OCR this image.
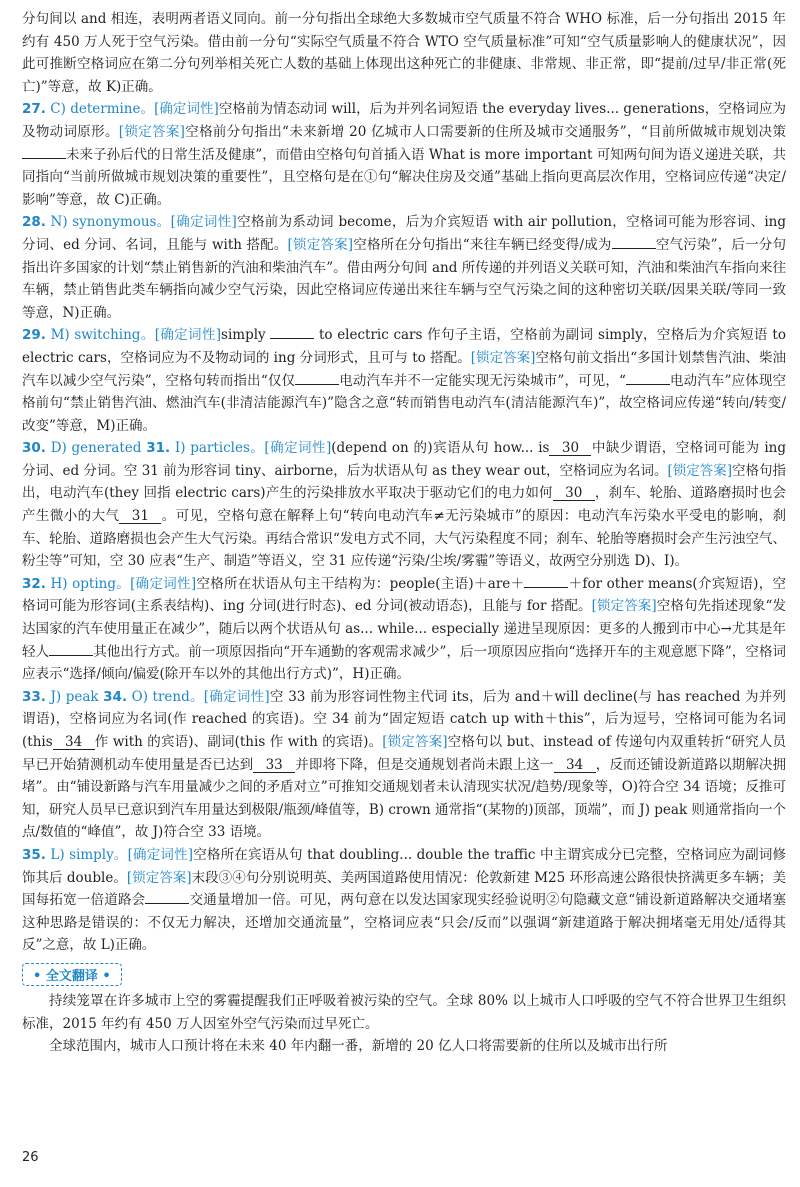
分句间以 and 相连，表明两者语义同向。前一分句指出全球绝大多数城市空气质量不符合 WHO 标准，后一分句指出 2015 年约有 450 万人死于空气污染。借由前一分句“实际空气质量不符合 WTO 空气质量标准”可知“空气质量影响人的健康状况”，因此可推断空格词应在第二分句列举相关死亡人数的基础上体现出这种死亡的非健康、非常规、非正常，即“提前/过早/非正常(死亡)”等意，故 K)正确。

27. C) determine。[确定词性]空格前为情态动词 will，后为并列名词短语 the everyday lives... generations，空格词应为及物动词原形。[锁定答案]空格前分句指出“未来新增 20 亿城市人口需要新的住所及城市交通服务”，“目前所做城市规划决策未来子孙后代的日常生活及健康”，而借由空格句句首插入语 What is more important 可知两句间为语义递进关联，共同指向“当前所做城市规划决策的重要性”，且空格句是在①句“解决住房及交通”基础上指向更高层次作用，空格词应传递“决定/影响”等意，故 C)正确。

28. N) synonymous。[确定词性]空格前为系动词 become，后为介宾短语 with air pollution，空格词可能为形容词、ing 分词、ed 分词、名词，且能与 with 搭配。[锁定答案]空格所在分句指出“来往车辆已经变得/成为	空气污染”，后一分句指出许多国家的计划“禁止销售新的汽油和柴油汽车”。借由两分句间 and 所传递的并列语义关联可知，汽油和柴油汽车指向来往车辆，禁止销售此类车辆指向减少空气污染，因此空格词应传递出来往车辆与空气污染之间的这种密切关联/因果关联/等同一致等意，N)正确。

29. M) switching。[确定词性]simply	to electric cars 作句子主语，空格前为副词 simply，空格后为介宾短语 to electric cars，空格词应为不及物动词的 ing 分词形式，且可与 to 搭配。[锁定答案]空格句前文指出“多国计划禁售汽油、柴油汽车以减少空气污染”，空格句转而指出“仅仅	电动汽车并不一定能实现无污染城市”，可见，“	电动汽车”应体现空格前句“禁止销售汽油、燃油汽车(非清洁能源汽车)”隐含之意“转而销售电动汽车(清洁能源汽车)”，故空格词应传递“转向/转变/改变”等意，M)正确。

30. D) generated 31. I) particles。[确定词性](depend on 的)宾语从句 how... is 30 中缺少谓语，空格词可能为 ing 分词、ed 分词。空 31 前为形容词 tiny、airborne，后为状语从句 as they wear out，空格词应为名词。[锁定答案]空格句指出，电动汽车(they 回指 electric cars)产生的污染排放水平取决于驱动它们的电力如何 30 ，刹车、轮胎、道路磨损时也会产生微小的大气 31 。可见，空格句意在解释上句“转向电动汽车≠无污染城市”的原因：电动汽车污染水平受电的影响，刹车、轮胎、道路磨损也会产生大气污染。再结合常识“发电方式不同，大气污染程度不同；刹车、轮胎等磨损时会产生污浊空气、粉尘等”可知，空 30 应表“生产、制造”等语义，空 31 应传递“污染/尘埃/雾霾”等语义，故两空分别选 D)、I)。

32. H) opting。[确定词性]空格所在状语从句主干结构为：people(主语)＋are＋	＋for other means(介宾短语)，空格词可能为形容词(主系表结构)、ing 分词(进行时态)、ed 分词(被动语态)，且能与 for 搭配。[锁定答案]空格句先指述现象“发达国家的汽车使用量正在减少”，随后以两个状语从句 as... while... especially 递进呈现原因：更多的人搬到市中心→尤其是年轻人	其他出行方式。前一项原因指向“开车通勤的客观需求减少”，后一项原因应指向“选择开车的主观意愿下降”，空格词应表示“选择/倾向/偏爱(除开车以外的其他出行方式)”，H)正确。

33. J) peak 34. O) trend。[确定词性]空 33 前为形容词性物主代词 its，后为 and＋will decline(与 has reached 为并列谓语)，空格词应为名词(作 reached 的宾语)。空 34 前为“固定短语 catch up with＋this”，后为逗号，空格词可能为名词(this 34 作 with 的宾语)、副词(this 作 with 的宾语)。[锁定答案]空格句以 but、instead of 传递句内双重转折“研究人员早已开始猜测机动车使用量是否已达到 33 并即将下降，但是交通规划者尚未跟上这一 34 ，反而还铺设新道路以期解决拥堵”。由“铺设新路与汽车用量减少之间的矛盾对立”可推知交通规划者未认清现实状况/趋势/现象等，O)符合空 34 语境；反推可知，研究人员早已意识到汽车用量达到极限/瓶颈/峰值等，B) crown 通常指“(某物的)顶部，顶端”，而 J) peak 则通常指向一个点/数值的“峰值”，故 J)符合空 33 语境。

35. L) simply。[确定词性]空格所在宾语从句 that doubling... double the traffic 中主谓宾成分已完整，空格词应为副词修饰其后 double。[锁定答案]末段③④句分别说明英、美两国道路使用情况：伦敦新建 M25 环形高速公路很快挤满更多车辆；美国每拓宽一倍道路会	交通量增加一倍。可见，两句意在以发达国家现实经验说明②句隐藏文意“铺设新道路解决交通堵塞这种思路是错误的：不仅无力解决，还增加交通流量”，空格词应表“只会/反而”以强调“新建道路于解决拥堵毫无用处/适得其反”之意，故 L)正确。

• 全文翻译 •

持续笼罩在许多城市上空的雾霾提醒我们正呼吸着被污染的空气。全球 80% 以上城市人口呼吸的空气不符合世界卫生组织标准，2015 年约有 450 万人因室外空气污染而过早死亡。

全球范围内，城市人口预计将在未来 40 年内翻一番，新增的 20 亿人口将需要新的住所以及城市出行所

26
